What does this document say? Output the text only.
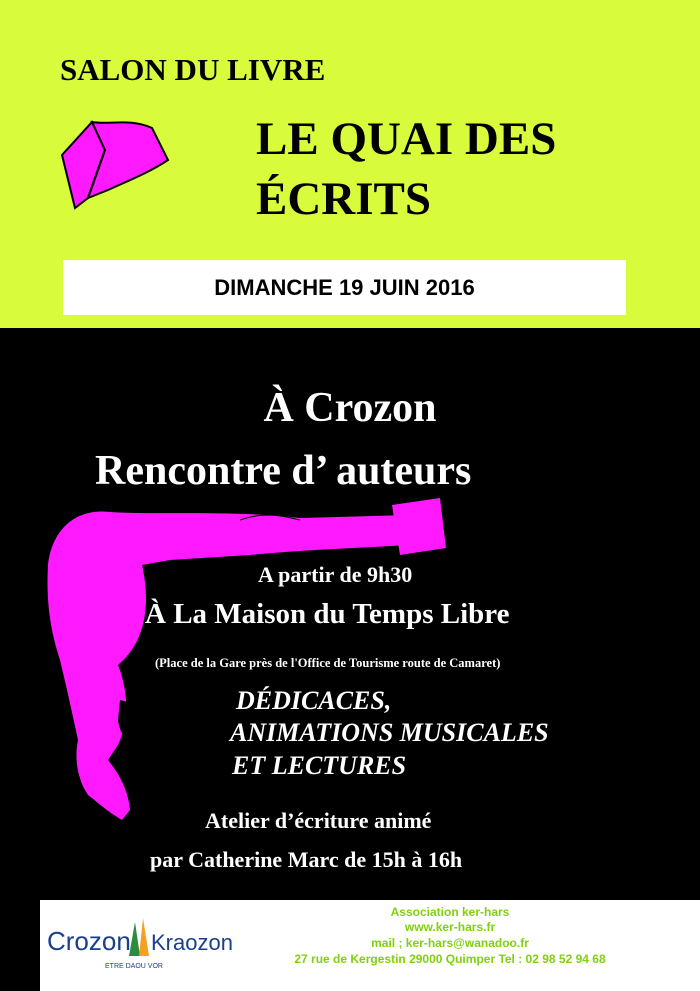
SALON DU LIVRE
LE QUAI DES
ÉCRITS
DIMANCHE 19 JUIN 2016
À Crozon
Rencontre d’ auteurs
A partir de 9h30
À La Maison du Temps Libre
(Place de la Gare près de l'Office de Tourisme route de Camaret)
DÉDICACES,
ANIMATIONS MUSICALES
ET LECTURES
Atelier d’écriture animé
par Catherine Marc de 15h à 16h
Crozon Kraozon
ETRE DAOU VOR
Association ker-hars
www.ker-hars.fr
mail ; ker-hars@wanadoo.fr
27 rue de Kergestin 29000 Quimper Tel : 02 98 52 94 68
